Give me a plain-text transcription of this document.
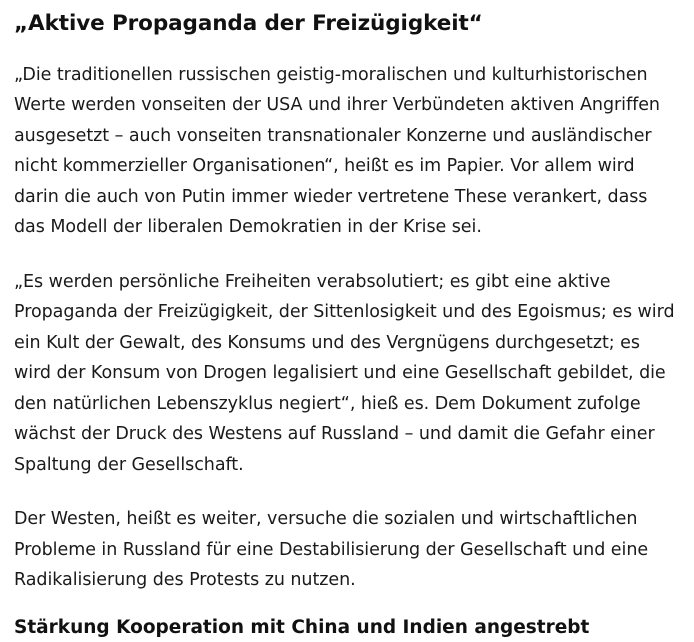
„Aktive Propaganda der Freizügigkeit“

„Die traditionellen russischen geistig-moralischen und kulturhistorischen Werte werden vonseiten der USA und ihrer Verbündeten aktiven Angriffen ausgesetzt – auch vonseiten transnationaler Konzerne und ausländischer nicht kommerzieller Organisationen“, heißt es im Papier. Vor allem wird darin die auch von Putin immer wieder vertretene These verankert, dass das Modell der liberalen Demokratien in der Krise sei.

„Es werden persönliche Freiheiten verabsolutiert; es gibt eine aktive Propaganda der Freizügigkeit, der Sittenlosigkeit und des Egoismus; es wird ein Kult der Gewalt, des Konsums und des Vergnügens durchgesetzt; es wird der Konsum von Drogen legalisiert und eine Gesellschaft gebildet, die den natürlichen Lebenszyklus negiert“, hieß es. Dem Dokument zufolge wächst der Druck des Westens auf Russland – und damit die Gefahr einer Spaltung der Gesellschaft.

Der Westen, heißt es weiter, versuche die sozialen und wirtschaftlichen Probleme in Russland für eine Destabilisierung der Gesellschaft und eine Radikalisierung des Protests zu nutzen.

Stärkung Kooperation mit China und Indien angestrebt
